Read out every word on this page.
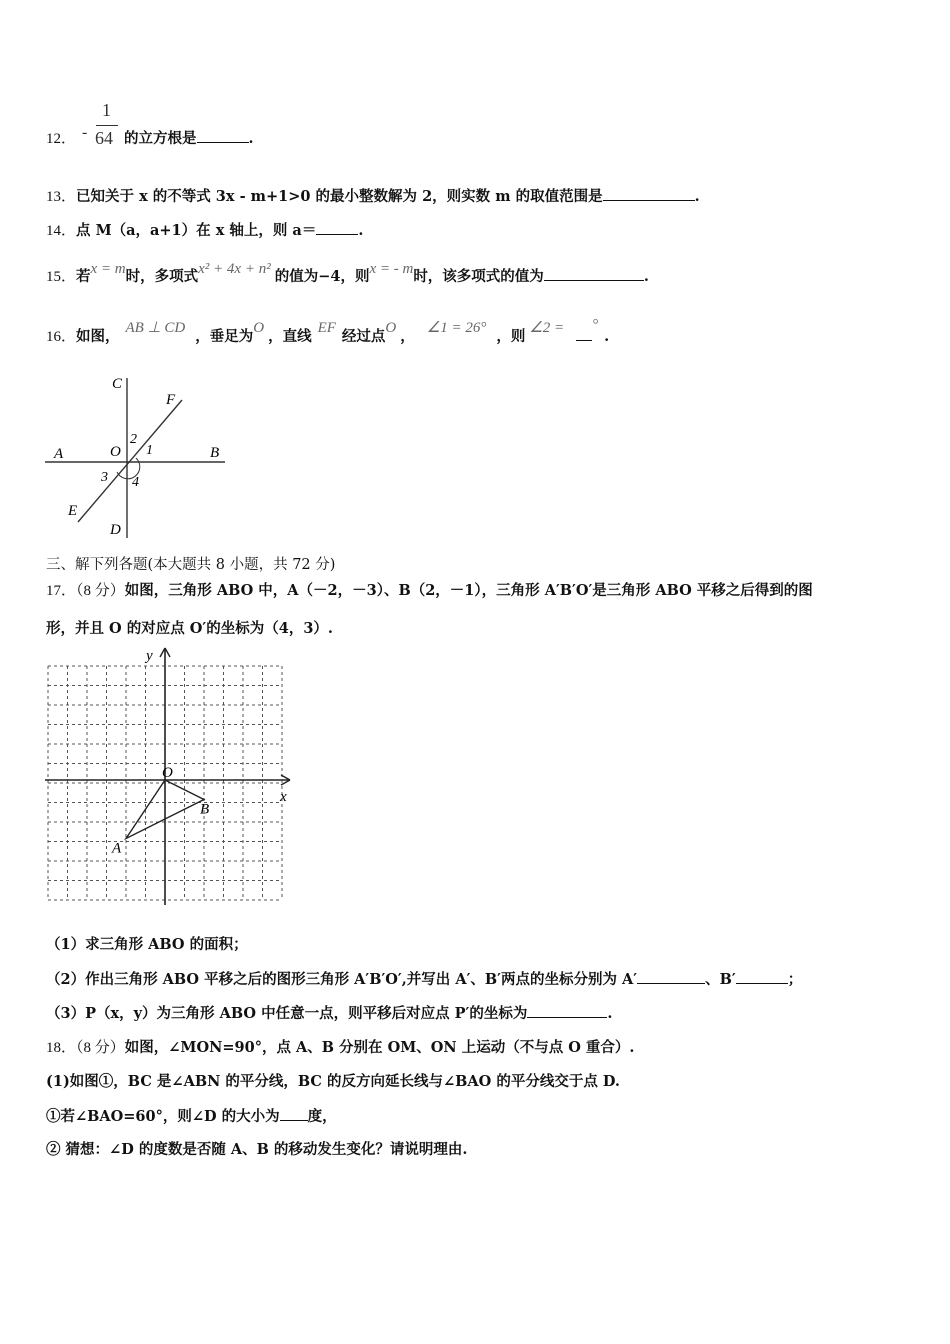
-
1
64
12．	的立方根是	.
13．已知关于 x 的不等式 3x - m+1>0 的最小整数解为 2，则实数 m 的取值范围是	.
14．点 M（a，a+1）在 x 轴上，则 a＝	.
15．若x = m时，多项式x² + 4x + n² 的值为−4，则x = - m时，该多项式的值为	.
16．如图， AB ⊥ CD ，垂足为O ，直线 EF 经过点O ， ∠1 = 26° ，则 ∠2 = °.
C
F
A	O
2
1	B
3 4
E
D
三、解下列各题(本大题共 8 小题，共 72 分)
17．（8 分）如图，三角形 ABO 中，A（－2，－3）、B（2，－1），三角形 A′B′O′是三角形 ABO 平移之后得到的图
形，并且 O 的对应点 O′的坐标为（4，3）.
y
x
O
A
B
（1）求三角形 ABO 的面积；
（2）作出三角形 ABO 平移之后的图形三角形 A′B′O′,并写出 A′、B′两点的坐标分别为 A′	、B′	；
（3）P（x，y）为三角形 ABO 中任意一点，则平移后对应点 P′的坐标为	.
18．（8 分）如图，∠MON=90°，点 A、B 分别在 OM、ON 上运动（不与点 O 重合）.
(1)如图①，BC 是∠ABN 的平分线，BC 的反方向延长线与∠BAO 的平分线交于点 D.
①若∠BAO=60°，则∠D 的大小为 度，
② 猜想：∠D 的度数是否随 A、B 的移动发生变化？请说明理由.
